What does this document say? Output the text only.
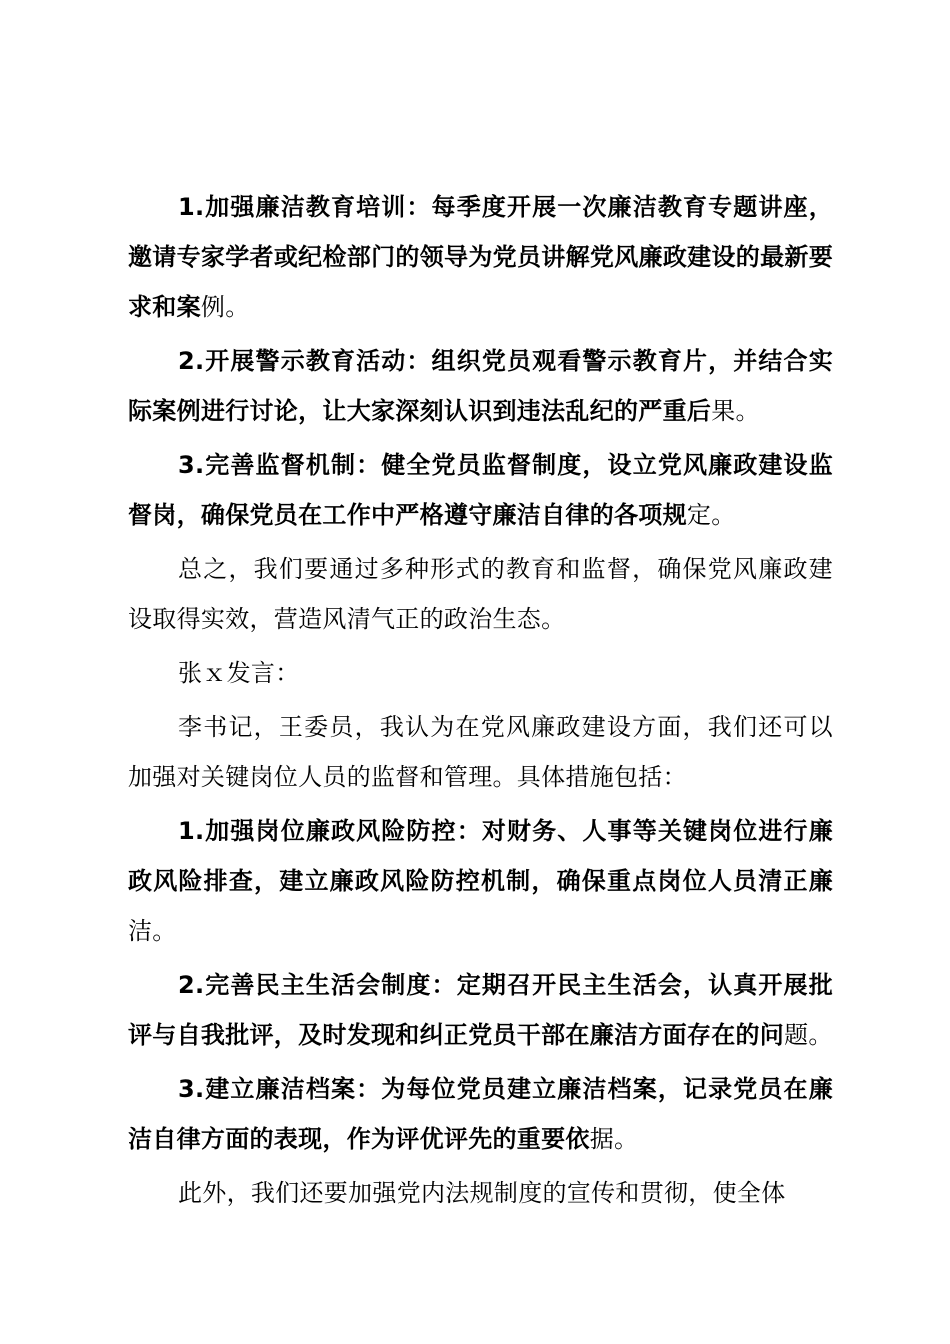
1.加强廉洁教育培训：每季度开展一次廉洁教育专题讲座，邀请专家学者或纪检部门的领导为党员讲解党风廉政建设的最新要求和案例。

2.开展警示教育活动：组织党员观看警示教育片，并结合实际案例进行讨论，让大家深刻认识到违法乱纪的严重后果。

3.完善监督机制：健全党员监督制度，设立党风廉政建设监督岗，确保党员在工作中严格遵守廉洁自律的各项规定。

总之，我们要通过多种形式的教育和监督，确保党风廉政建设取得实效，营造风清气正的政治生态。

张ｘ发言：

李书记，王委员，我认为在党风廉政建设方面，我们还可以加强对关键岗位人员的监督和管理。具体措施包括：

1.加强岗位廉政风险防控：对财务、人事等关键岗位进行廉政风险排查，建立廉政风险防控机制，确保重点岗位人员清正廉洁。

2.完善民主生活会制度：定期召开民主生活会，认真开展批评与自我批评，及时发现和纠正党员干部在廉洁方面存在的问题。

3.建立廉洁档案：为每位党员建立廉洁档案，记录党员在廉洁自律方面的表现，作为评优评先的重要依据。

此外，我们还要加强党内法规制度的宣传和贯彻，使全体
